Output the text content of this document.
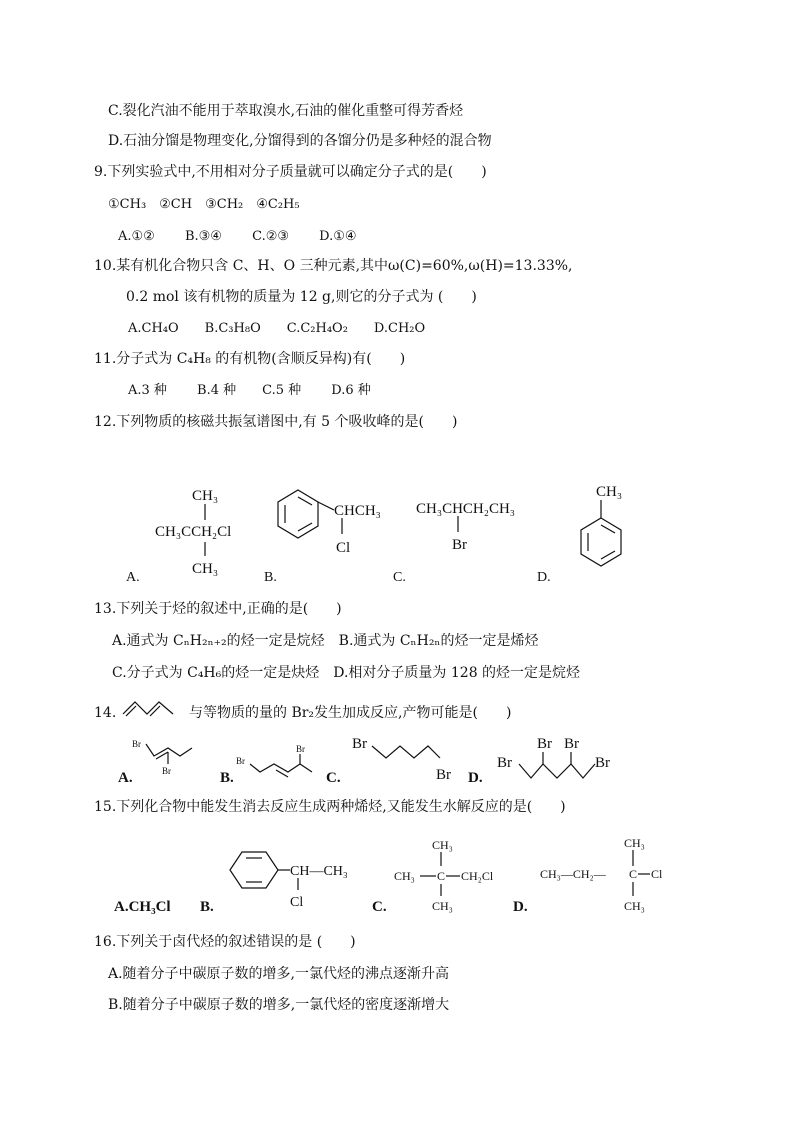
C.裂化汽油不能用于萃取溴水,石油的催化重整可得芳香烃
D.石油分馏是物理变化,分馏得到的各馏分仍是多种烃的混合物
9.下列实验式中,不用相对分子质量就可以确定分子式的是(　　)
①CH₃　②CH　③CH₂　④C₂H₅
A.①②　　 B.③④　　 C.②③　　 D.①④
10.某有机化合物只含 C、H、O 三种元素,其中ω(C)=60%,ω(H)=13.33%,
0.2 mol 该有机物的质量为 12 g,则它的分子式为 (　　)
A.CH₄O　　B.C₃H₈O　　C.C₂H₄O₂　　D.CH₂O
11.分子式为 C₄H₈ 的有机物(含顺反异构)有(　　)
A.3 种　　 B.4 种　　C.5 种　　 D.6 种
12.下列物质的核磁共振氢谱图中,有 5 个吸收峰的是(　　)
CH₃
CH₃CCH₂Cl
CH₃
A.
CHCH₃
Cl
B.
CH₃CHCH₂CH₃
Br
C.
CH₃
D.
13.下列关于烃的叙述中,正确的是(　　)
A.通式为 CₙH₂ₙ₊₂的烃一定是烷烃　B.通式为 CₙH₂ₙ的烃一定是烯烃
C.分子式为 C₄H₆的烃一定是炔烃　D.相对分子质量为 128 的烃一定是烷烃
14.	与等物质的量的 Br₂发生加成反应,产物可能是(　　)
Br
Br
A.
Br
Br
B.
Br
Br
C.
Br Br
Br	Br
D.
15.下列化合物中能发生消去反应生成两种烯烃,又能发生水解反应的是(　　)
A.CH₃Cl B.
CH—CH₃
Cl	C.
CH₃
CH₃ C CH₂Cl
CH₃	D.
CH₃
CH₃—CH₂— C Cl
CH₃
16.下列关于卤代烃的叙述错误的是 (　　)
A.随着分子中碳原子数的增多,一氯代烃的沸点逐渐升高
B.随着分子中碳原子数的增多,一氯代烃的密度逐渐增大
